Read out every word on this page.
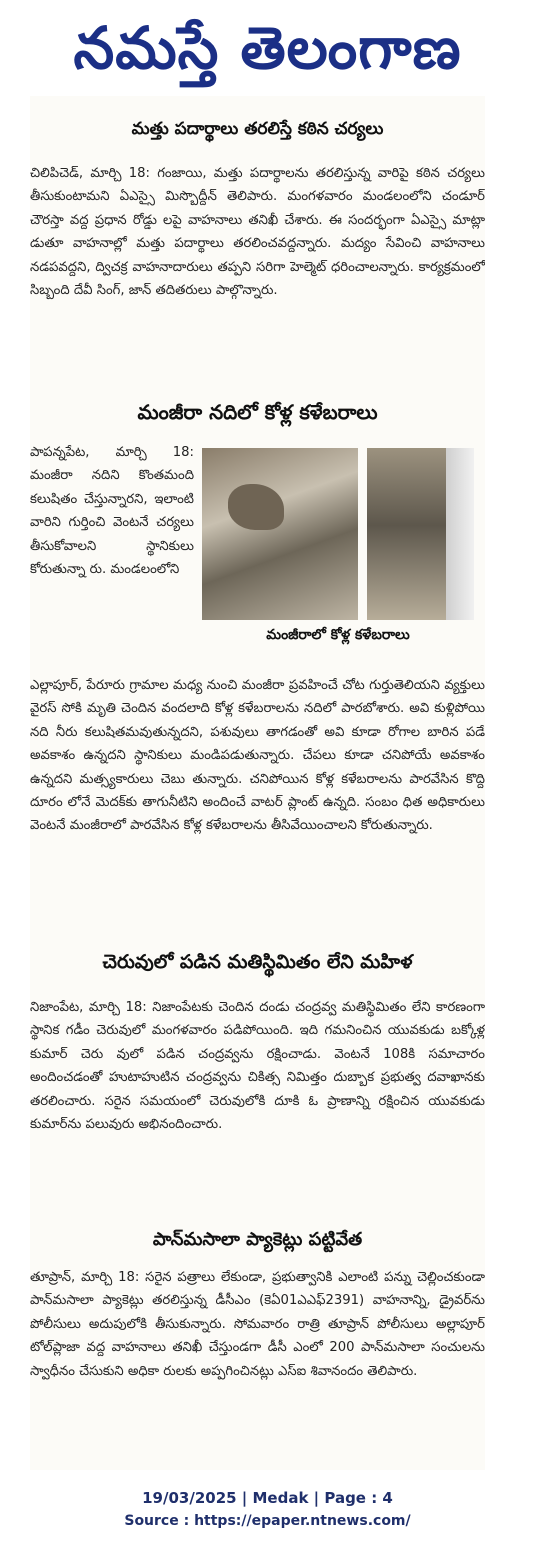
నమస్తే తెలంగాణ
మత్తు పదార్థాలు తరలిస్తే కఠిన చర్యలు

చిలిపిచెడ్, మార్చి 18: గంజాయి, మత్తు పదార్థాలను తరలిస్తున్న వారిపై కఠిన చర్యలు తీసుకుంటామని ఏఎస్సై మిస్బొద్దీన్ తెలిపారు. మంగళవారం మండలంలోని చండూర్ చౌరస్తా వద్ద ప్రధాన రోడ్డు లపై వాహనాలు తనిఖీ చేశారు. ఈ సందర్భంగా ఏఎస్సై మాట్లా డుతూ వాహనాల్లో మత్తు పదార్థాలు తరలించవద్దన్నారు. మద్యం సేవించి వాహనాలు నడపవద్దని, ద్విచక్ర వాహనాదారులు తప్పని సరిగా హెల్మెట్ ధరించాలన్నారు. కార్యక్రమంలో సిబ్బంది దేవీ సింగ్, జాన్ తదితరులు పాల్గొన్నారు.

మంజీరా నదిలో కోళ్ల కళేబరాలు

పాపన్నపేట, మార్చి 18: మంజీరా నదిని కొంతమంది కలుషితం చేస్తున్నారని, ఇలాంటి వారిని గుర్తించి వెంటనే చర్యలు తీసుకోవాలని స్థానికులు కోరుతున్నా రు. మండలంలోని

మంజీరాలో కోళ్ల కళేబరాలు

ఎల్లాపూర్, పేరూరు గ్రామాల మధ్య నుంచి మంజీరా ప్రవహించే చోట గుర్తుతెలియని వ్యక్తులు వైరస్ సోకి మృతి చెందిన వందలాది కోళ్ల కళేబరాలను నదిలో పారబోశారు. అవి కుళ్లిపోయి నది నీరు కలుషితమవుతున్నదని, పశువులు తాగడంతో అవి కూడా రోగాల బారిన పడే అవకాశం ఉన్నదని స్థానికులు మండిపడుతున్నారు. చేపలు కూడా చనిపోయే అవకాశం ఉన్నదని మత్స్యకారులు చెబు తున్నారు. చనిపోయిన కోళ్ల కళేబరాలను పారవేసిన కొద్ది దూరం లోనే మెదక్‌కు తాగునీటిని అందించే వాటర్ ప్లాంట్ ఉన్నది. సంబం ధిత అధికారులు వెంటనే మంజీరాలో పారవేసిన కోళ్ల కళేబరాలను తీసివేయించాలని కోరుతున్నారు.

చెరువులో పడిన మతిస్థిమితం లేని మహిళ

నిజాంపేట, మార్చి 18: నిజాంపేటకు చెందిన దండు చంద్రవ్వ మతిస్థిమితం లేని కారణంగా స్థానిక గడీం చెరువులో మంగళవారం పడిపోయింది. ఇది గమనించిన యువకుడు బక్కోళ్ల కుమార్ చెరు వులో పడిన చంద్రవ్వను రక్షించాడు. వెంటనే 108కి సమాచారం అందించడంతో హుటాహుటిన చంద్రవ్వను చికిత్స నిమిత్తం దుబ్బాక ప్రభుత్వ దవాఖానకు తరలించారు. సరైన సమయంలో చెరువులోకి దూకి ఓ ప్రాణాన్ని రక్షించిన యువకుడు కుమార్‌ను పలువురు అభినందించారు.

పాన్‌మసాలా ప్యాకెట్లు పట్టివేత

తూప్రాన్, మార్చి 18: సరైన పత్రాలు లేకుండా, ప్రభుత్వానికి ఎలాంటి పన్ను చెల్లించకుండా పాన్‌మసాలా ప్యాకెట్లు తరలిస్తున్న డీసీఎం (కెఏ01ఎఎఫ్2391) వాహనాన్ని, డ్రైవర్‌ను పోలీసులు అదుపులోకి తీసుకున్నారు. సోమవారం రాత్రి తూప్రాన్ పోలీసులు అల్లాపూర్ టోల్‌ప్లాజా వద్ద వాహనాలు తనిఖీ చేస్తుండగా డీసీ ఎంలో 200 పాన్‌మసాలా సంచులను స్వాధీనం చేసుకుని అధికా రులకు అప్పగించినట్లు ఎస్ఐ శివానందం తెలిపారు.

19/03/2025 | Medak | Page : 4
Source : https://epaper.ntnews.com/
